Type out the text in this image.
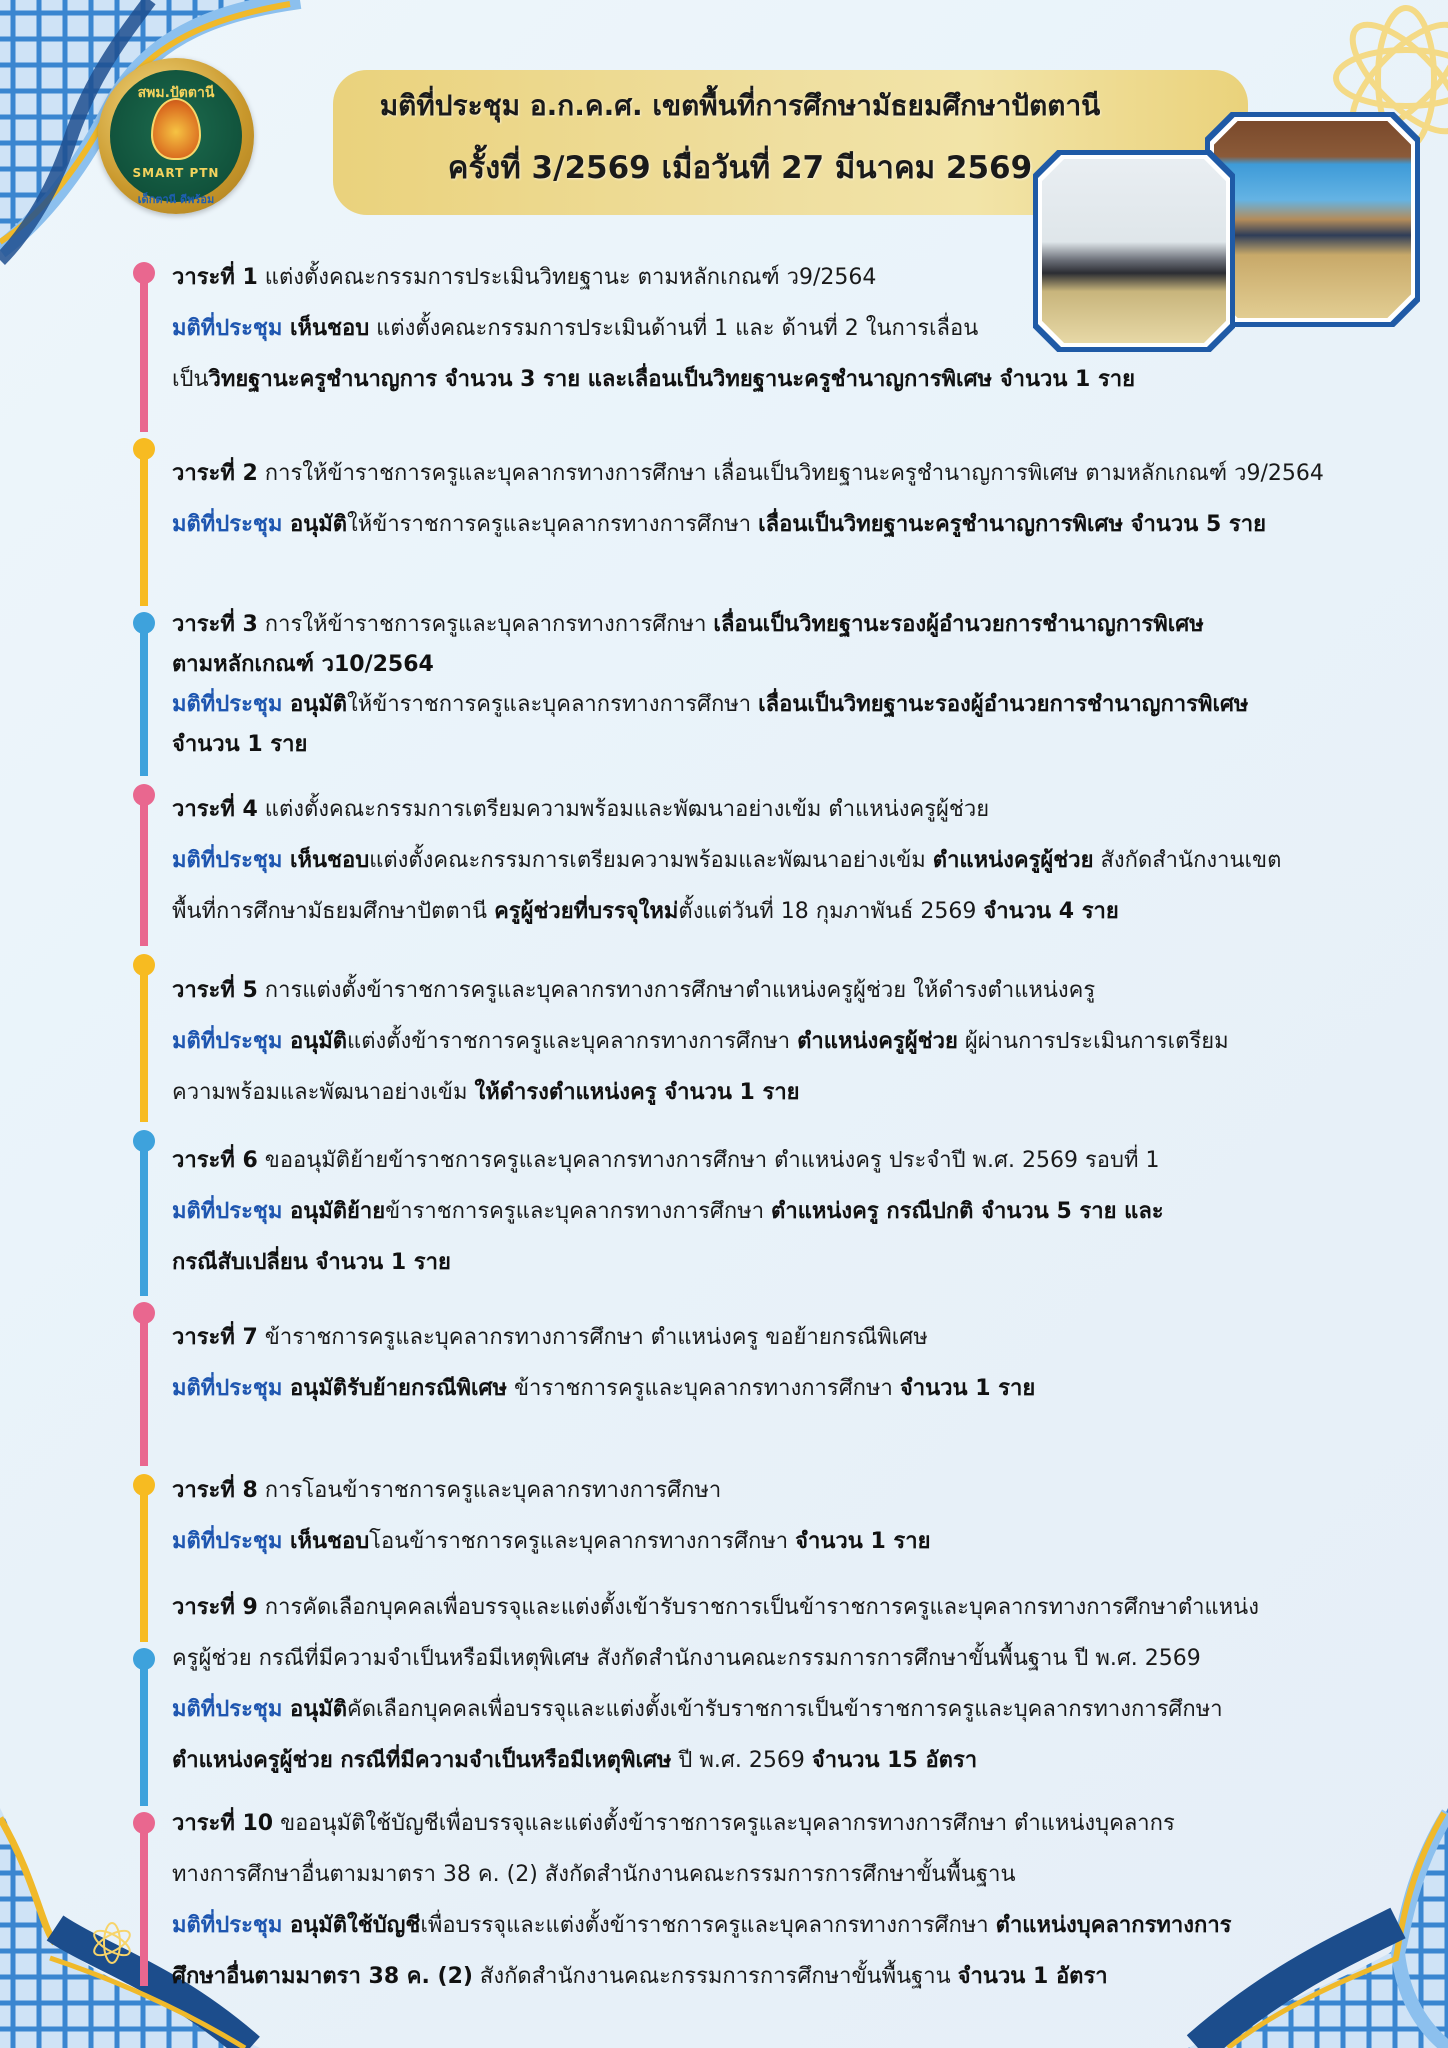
สพม.ปัตตานี
SMART PTN
เด็กตานี ดีพร้อม
มติที่ประชุม อ.ก.ค.ศ. เขตพื้นที่การศึกษามัธยมศึกษาปัตตานี
ครั้งที่ 3/2569 เมื่อวันที่ 27 มีนาคม 2569
วาระที่ 1 แต่งตั้งคณะกรรมการประเมินวิทยฐานะ ตามหลักเกณฑ์ ว9/2564
มติที่ประชุม เห็นชอบ แต่งตั้งคณะกรรมการประเมินด้านที่ 1 และ ด้านที่ 2 ในการเลื่อน
เป็นวิทยฐานะครูชำนาญการ จำนวน 3 ราย และเลื่อนเป็นวิทยฐานะครูชำนาญการพิเศษ จำนวน 1 ราย
วาระที่ 2 การให้ข้าราชการครูและบุคลากรทางการศึกษา เลื่อนเป็นวิทยฐานะครูชำนาญการพิเศษ ตามหลักเกณฑ์ ว9/2564
มติที่ประชุม อนุมัติให้ข้าราชการครูและบุคลากรทางการศึกษา เลื่อนเป็นวิทยฐานะครูชำนาญการพิเศษ จำนวน 5 ราย
วาระที่ 3 การให้ข้าราชการครูและบุคลากรทางการศึกษา เลื่อนเป็นวิทยฐานะรองผู้อำนวยการชำนาญการพิเศษ
ตามหลักเกณฑ์ ว10/2564
มติที่ประชุม อนุมัติให้ข้าราชการครูและบุคลากรทางการศึกษา เลื่อนเป็นวิทยฐานะรองผู้อำนวยการชำนาญการพิเศษ
จำนวน 1 ราย
วาระที่ 4 แต่งตั้งคณะกรรมการเตรียมความพร้อมและพัฒนาอย่างเข้ม ตำแหน่งครูผู้ช่วย
มติที่ประชุม เห็นชอบแต่งตั้งคณะกรรมการเตรียมความพร้อมและพัฒนาอย่างเข้ม ตำแหน่งครูผู้ช่วย สังกัดสำนักงานเขต
พื้นที่การศึกษามัธยมศึกษาปัตตานี ครูผู้ช่วยที่บรรจุใหม่ตั้งแต่วันที่ 18 กุมภาพันธ์ 2569 จำนวน 4 ราย
วาระที่ 5 การแต่งตั้งข้าราชการครูและบุคลากรทางการศึกษาตำแหน่งครูผู้ช่วย ให้ดำรงตำแหน่งครู
มติที่ประชุม อนุมัติแต่งตั้งข้าราชการครูและบุคลากรทางการศึกษา ตำแหน่งครูผู้ช่วย ผู้ผ่านการประเมินการเตรียม
ความพร้อมและพัฒนาอย่างเข้ม ให้ดำรงตำแหน่งครู จำนวน 1 ราย
วาระที่ 6 ขออนุมัติย้ายข้าราชการครูและบุคลากรทางการศึกษา ตำแหน่งครู ประจำปี พ.ศ. 2569 รอบที่ 1
มติที่ประชุม อนุมัติย้ายข้าราชการครูและบุคลากรทางการศึกษา ตำแหน่งครู กรณีปกติ จำนวน 5 ราย และ
กรณีสับเปลี่ยน จำนวน 1 ราย
วาระที่ 7 ข้าราชการครูและบุคลากรทางการศึกษา ตำแหน่งครู ขอย้ายกรณีพิเศษ
มติที่ประชุม อนุมัติรับย้ายกรณีพิเศษ ข้าราชการครูและบุคลากรทางการศึกษา จำนวน 1 ราย
วาระที่ 8 การโอนข้าราชการครูและบุคลากรทางการศึกษา
มติที่ประชุม เห็นชอบโอนข้าราชการครูและบุคลากรทางการศึกษา จำนวน 1 ราย
วาระที่ 9 การคัดเลือกบุคคลเพื่อบรรจุและแต่งตั้งเข้ารับราชการเป็นข้าราชการครูและบุคลากรทางการศึกษาตำแหน่ง
ครูผู้ช่วย กรณีที่มีความจำเป็นหรือมีเหตุพิเศษ สังกัดสำนักงานคณะกรรมการการศึกษาขั้นพื้นฐาน ปี พ.ศ. 2569
มติที่ประชุม อนุมัติคัดเลือกบุคคลเพื่อบรรจุและแต่งตั้งเข้ารับราชการเป็นข้าราชการครูและบุคลากรทางการศึกษา
ตำแหน่งครูผู้ช่วย กรณีที่มีความจำเป็นหรือมีเหตุพิเศษ ปี พ.ศ. 2569 จำนวน 15 อัตรา
วาระที่ 10 ขออนุมัติใช้บัญชีเพื่อบรรจุและแต่งตั้งข้าราชการครูและบุคลากรทางการศึกษา ตำแหน่งบุคลากร
ทางการศึกษาอื่นตามมาตรา 38 ค. (2) สังกัดสำนักงานคณะกรรมการการศึกษาขั้นพื้นฐาน
มติที่ประชุม อนุมัติใช้บัญชีเพื่อบรรจุและแต่งตั้งข้าราชการครูและบุคลากรทางการศึกษา ตำแหน่งบุคลากรทางการ
ศึกษาอื่นตามมาตรา 38 ค. (2) สังกัดสำนักงานคณะกรรมการการศึกษาขั้นพื้นฐาน จำนวน 1 อัตรา
